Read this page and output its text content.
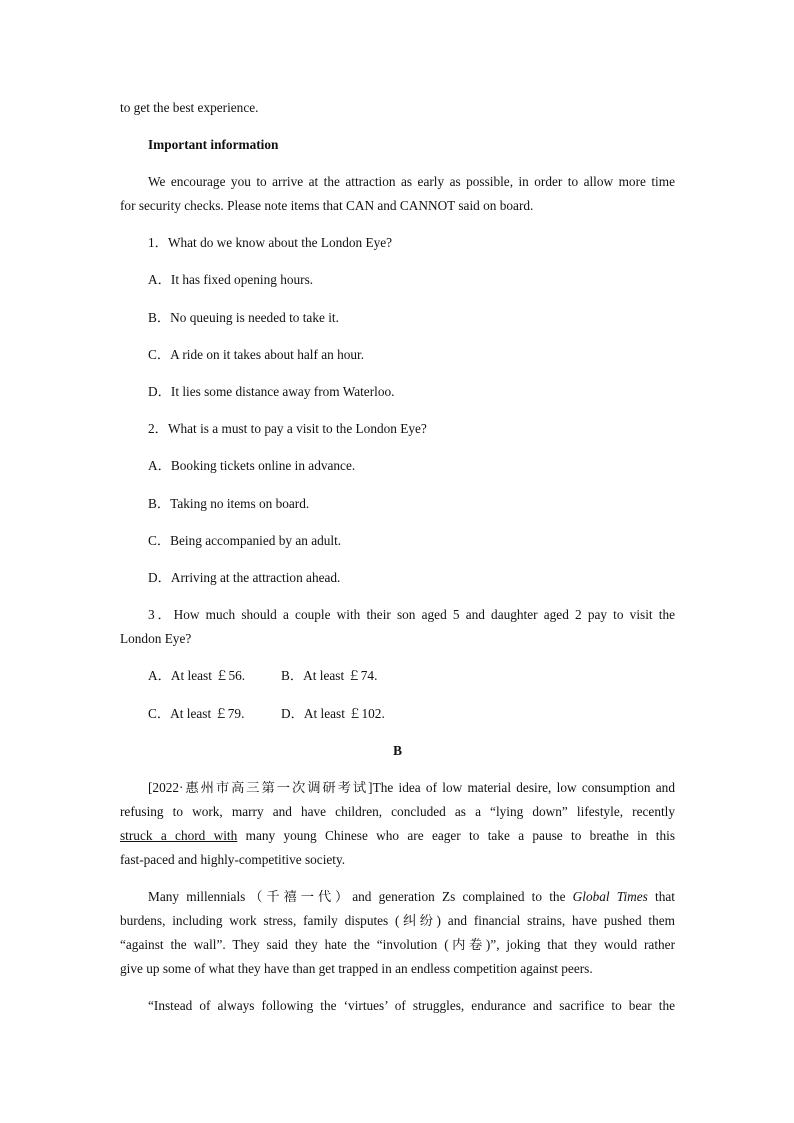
to get the best experience.
Important information
We encourage you to arrive at the attraction as early as possible, in order to allow more time
for security checks. Please note items that CAN and CANNOT said on board.
1．What do we know about the London Eye?
A．It has fixed opening hours.
B．No queuing is needed to take it.
C．A ride on it takes about half an hour.
D．It lies some distance away from Waterloo.
2．What is a must to pay a visit to the London Eye?
A．Booking tickets online in advance.
B．Taking no items on board.
C．Being accompanied by an adult.
D．Arriving at the attraction ahead.
3．How much should a couple with their son aged 5 and daughter aged 2 pay to visit the
London Eye?
A．At least ￡56.	B．At least ￡74.
C．At least ￡79.	D．At least ￡102.
B
[2022·惠州市高三第一次调研考试]The idea of low material desire, low consumption and
refusing to work, marry and have children, concluded as a “lying down” lifestyle, recently
struck a chord with many young Chinese who are eager to take a pause to breathe in this
fast-paced and highly-competitive society.
Many millennials（千禧一代）and generation Zs complained to the Global Times that
burdens, including work stress, family disputes (纠纷) and financial strains, have pushed them
“against the wall”. They said they hate the “involution (内卷)”, joking that they would rather
give up some of what they have than get trapped in an endless competition against peers.
“Instead of always following the ‘virtues’ of struggles, endurance and sacrifice to bear the
